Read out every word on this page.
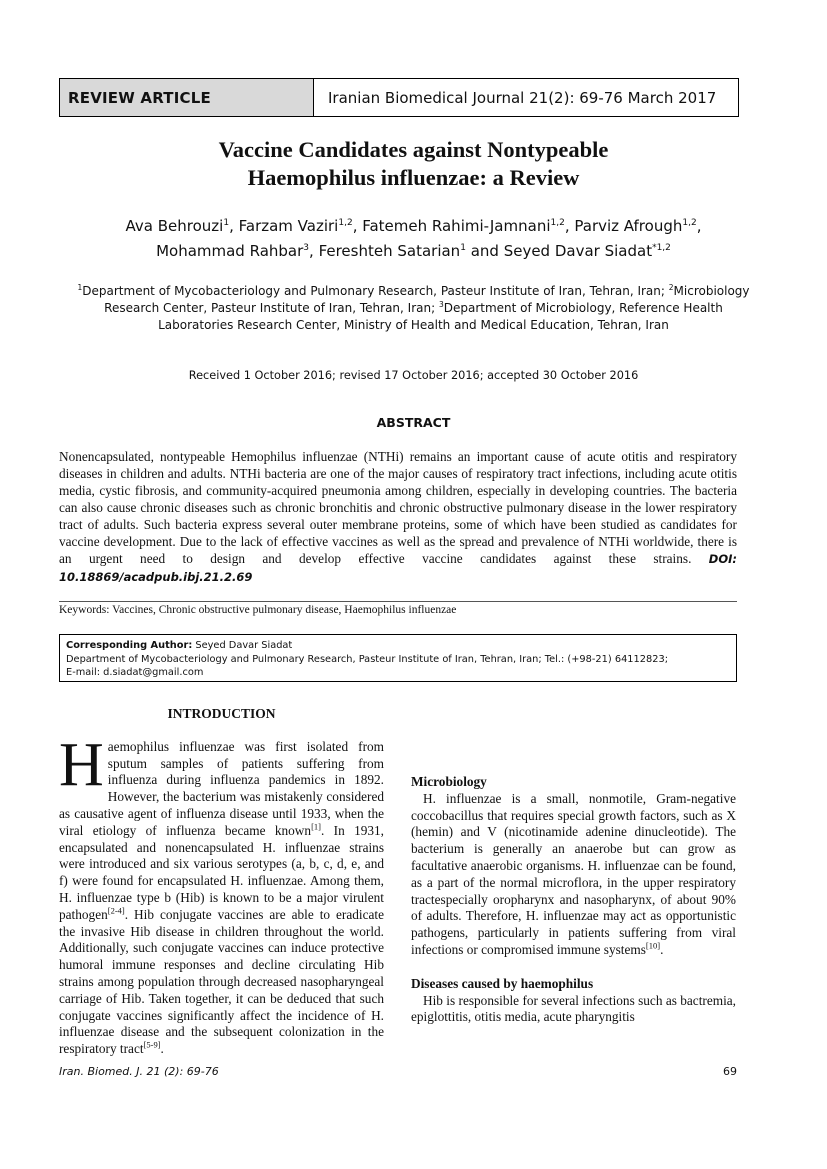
REVIEW ARTICLE	Iranian Biomedical Journal 21(2): 69-76 March 2017
Vaccine Candidates against Nontypeable
Haemophilus influenzae: a Review
Ava Behrouzi$^1$, Farzam Vaziri$^{1,2}$, Fatemeh Rahimi-Jamnani$^{1,2}$, Parviz Afrough$^{1,2}$,
Mohammad Rahbar$^3$, Fereshteh Satarian$^1$ and Seyed Davar Siadat$^{*1,2}$
$^1$Department of Mycobacteriology and Pulmonary Research, Pasteur Institute of Iran, Tehran, Iran; $^2$Microbiology
Research Center, Pasteur Institute of Iran, Tehran, Iran; $^3$Department of Microbiology, Reference Health
Laboratories Research Center, Ministry of Health and Medical Education, Tehran, Iran
Received 1 October 2016; revised 17 October 2016; accepted 30 October 2016
ABSTRACT
Nonencapsulated, nontypeable Hemophilus influenzae (NTHi) remains an important cause of acute otitis and respiratory diseases in children and adults. NTHi bacteria are one of the major causes of respiratory tract infections, including acute otitis media, cystic fibrosis, and community-acquired pneumonia among children, especially in developing countries. The bacteria can also cause chronic diseases such as chronic bronchitis and chronic obstructive pulmonary disease in the lower respiratory tract of adults. Such bacteria express several outer membrane proteins, some of which have been studied as candidates for vaccine development. Due to the lack of effective vaccines as well as the spread and prevalence of NTHi worldwide, there is an urgent need to design and develop effective vaccine candidates against these strains. DOI: 10.18869/acadpub.ibj.21.2.69
Keywords: Vaccines, Chronic obstructive pulmonary disease, Haemophilus influenzae
Corresponding Author: Seyed Davar Siadat
Department of Mycobacteriology and Pulmonary Research, Pasteur Institute of Iran, Tehran, Iran; Tel.: (+98-21) 64112823;
E-mail: d.siadat@gmail.com
INTRODUCTION

Haemophilus influenzae was first isolated from sputum samples of patients suffering from influenza during influenza pandemics in 1892. However, the bacterium was mistakenly considered as causative agent of influenza disease until 1933, when the viral etiology of influenza became known[1]. In 1931, encapsulated and nonencapsulated H. influenzae strains were introduced and six various serotypes (a, b, c, d, e, and f) were found for encapsulated H. influenzae. Among them, H. influenzae type b (Hib) is known to be a major virulent pathogen[2-4]. Hib conjugate vaccines are able to eradicate the invasive Hib disease in children throughout the world. Additionally, such conjugate vaccines can induce protective humoral immune responses and decline circulating Hib strains among population through decreased nasopharyngeal carriage of Hib. Taken together, it can be deduced that such conjugate vaccines significantly affect the incidence of H. influenzae disease and the subsequent colonization in the respiratory tract[5-9].

Microbiology

H. influenzae is a small, nonmotile, Gram-negative coccobacillus that requires special growth factors, such as X (hemin) and V (nicotinamide adenine dinucleotide). The bacterium is generally an anaerobe but can grow as facultative anaerobic organisms. H. influenzae can be found, as a part of the normal microflora, in the upper respiratory tractespecially oropharynx and nasopharynx, of about 90% of adults. Therefore, H. influenzae may act as opportunistic pathogens, particularly in patients suffering from viral infections or compromised immune systems[10].

Diseases caused by haemophilus

Hib is responsible for several infections such as bactremia, epiglottitis, otitis media, acute pharyngitis

Iran. Biomed. J. 21 (2): 69-76	69
